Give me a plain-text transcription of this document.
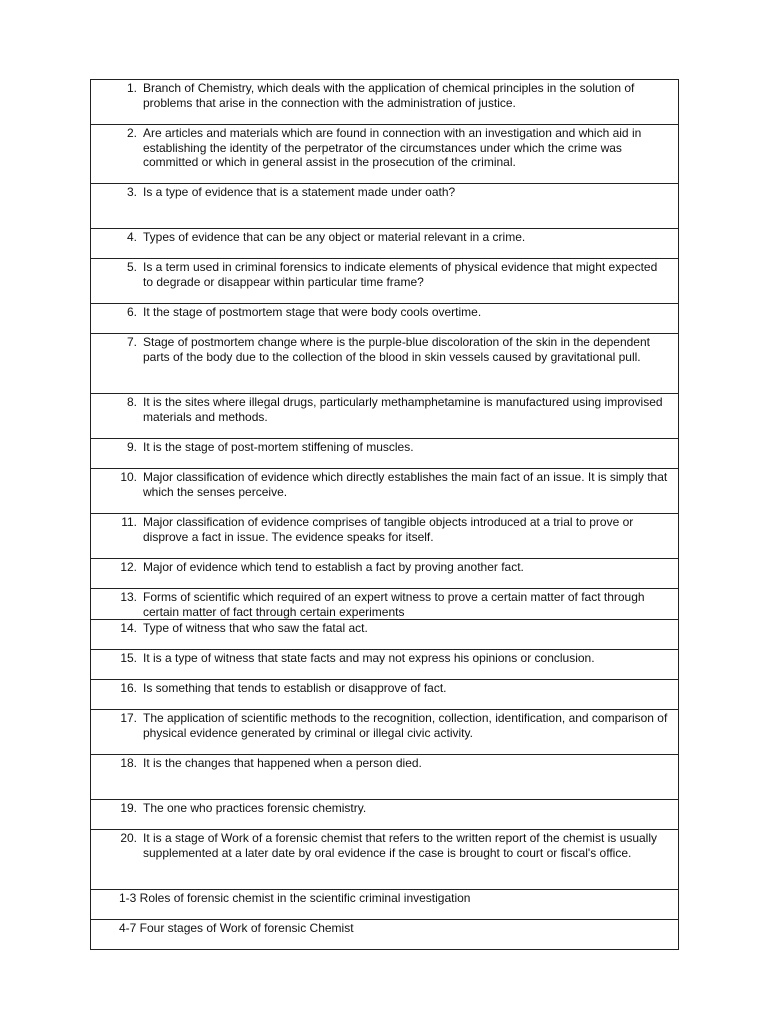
1. Branch of Chemistry, which deals with the application of chemical principles in the solution of problems that arise in the connection with the administration of justice.

2. Are articles and materials which are found in connection with an investigation and which aid in establishing the identity of the perpetrator of the circumstances under which the crime was committed or which in general assist in the prosecution of the criminal.

3. Is a type of evidence that is a statement made under oath?

4. Types of evidence that can be any object or material relevant in a crime.

5. Is a term used in criminal forensics to indicate elements of physical evidence that might expected to degrade or disappear within particular time frame?

6. It the stage of postmortem stage that were body cools overtime.

7. Stage of postmortem change where is the purple-blue discoloration of the skin in the dependent parts of the body due to the collection of the blood in skin vessels caused by gravitational pull.

8. It is the sites where illegal drugs, particularly methamphetamine is manufactured using improvised materials and methods.

9. It is the stage of post-mortem stiffening of muscles.

10. Major classification of evidence which directly establishes the main fact of an issue. It is simply that which the senses perceive.

11. Major classification of evidence comprises of tangible objects introduced at a trial to prove or disprove a fact in issue. The evidence speaks for itself.

12. Major of evidence which tend to establish a fact by proving another fact.

13. Forms of scientific which required of an expert witness to prove a certain matter of fact through certain matter of fact through certain experiments

14. Type of witness that who saw the fatal act.

15. It is a type of witness that state facts and may not express his opinions or conclusion.

16. Is something that tends to establish or disapprove of fact.

17. The application of scientific methods to the recognition, collection, identification, and comparison of physical evidence generated by criminal or illegal civic activity.

18. It is the changes that happened when a person died.

19. The one who practices forensic chemistry.

20. It is a stage of Work of a forensic chemist that refers to the written report of the chemist is usually supplemented at a later date by oral evidence if the case is brought to court or fiscal's office.

1-3 Roles of forensic chemist in the scientific criminal investigation

4-7 Four stages of Work of forensic Chemist
